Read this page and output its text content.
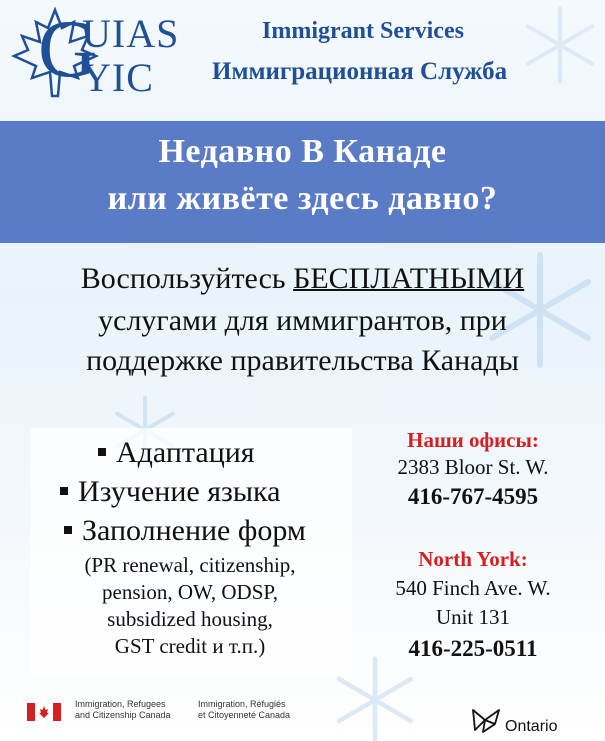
G
UIAS
YIC
Immigrant Services
Иммиграционная Служба
Недавно В Канаде
или живёте здесь давно?
Воспользуйтесь БЕСПЛАТНЫМИ
услугами для иммигрантов, при
поддержке правительства Канады
Адаптация
Изучение языка
Заполнение форм
(PR renewal, citizenship,
pension, OW, ODSP,
subsidized housing,
GST credit и т.п.)
Наши офисы:
2383 Bloor St. W.
416-767-4595
North York:
540 Finch Ave. W.
Unit 131
416-225-0511
Immigration, Refugees
and Citizenship Canada
Immigration, Réfugiés
et Citoyenneté Canada
Ontario
